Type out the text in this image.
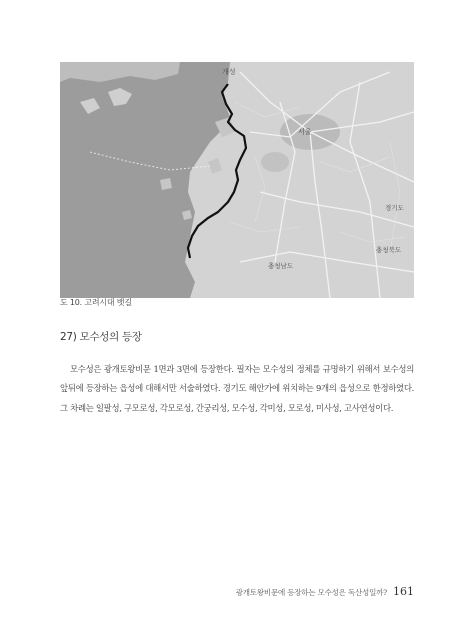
개성
서울
경기도
충청남도
충청북도
도 10. 고려시대 뱃길
27) 모수성의 등장

모수성은 광개토왕비문 1면과 3면에 등장한다. 필자는 모수성의 정체를 규명하기 위해서 보수성의 앞뒤에 등장하는 읍성에 대해서만 서술하였다. 경기도 해안가에 위치하는 9개의 읍성으로 한정하였다. 그 차례는 일팔성, 구모로성, 각모로성, 간궁리성, 모수성, 각미성, 모로성, 미사성, 고사연성이다.

광개토왕비문에 등장하는 모수성은 독산성일까? 161
